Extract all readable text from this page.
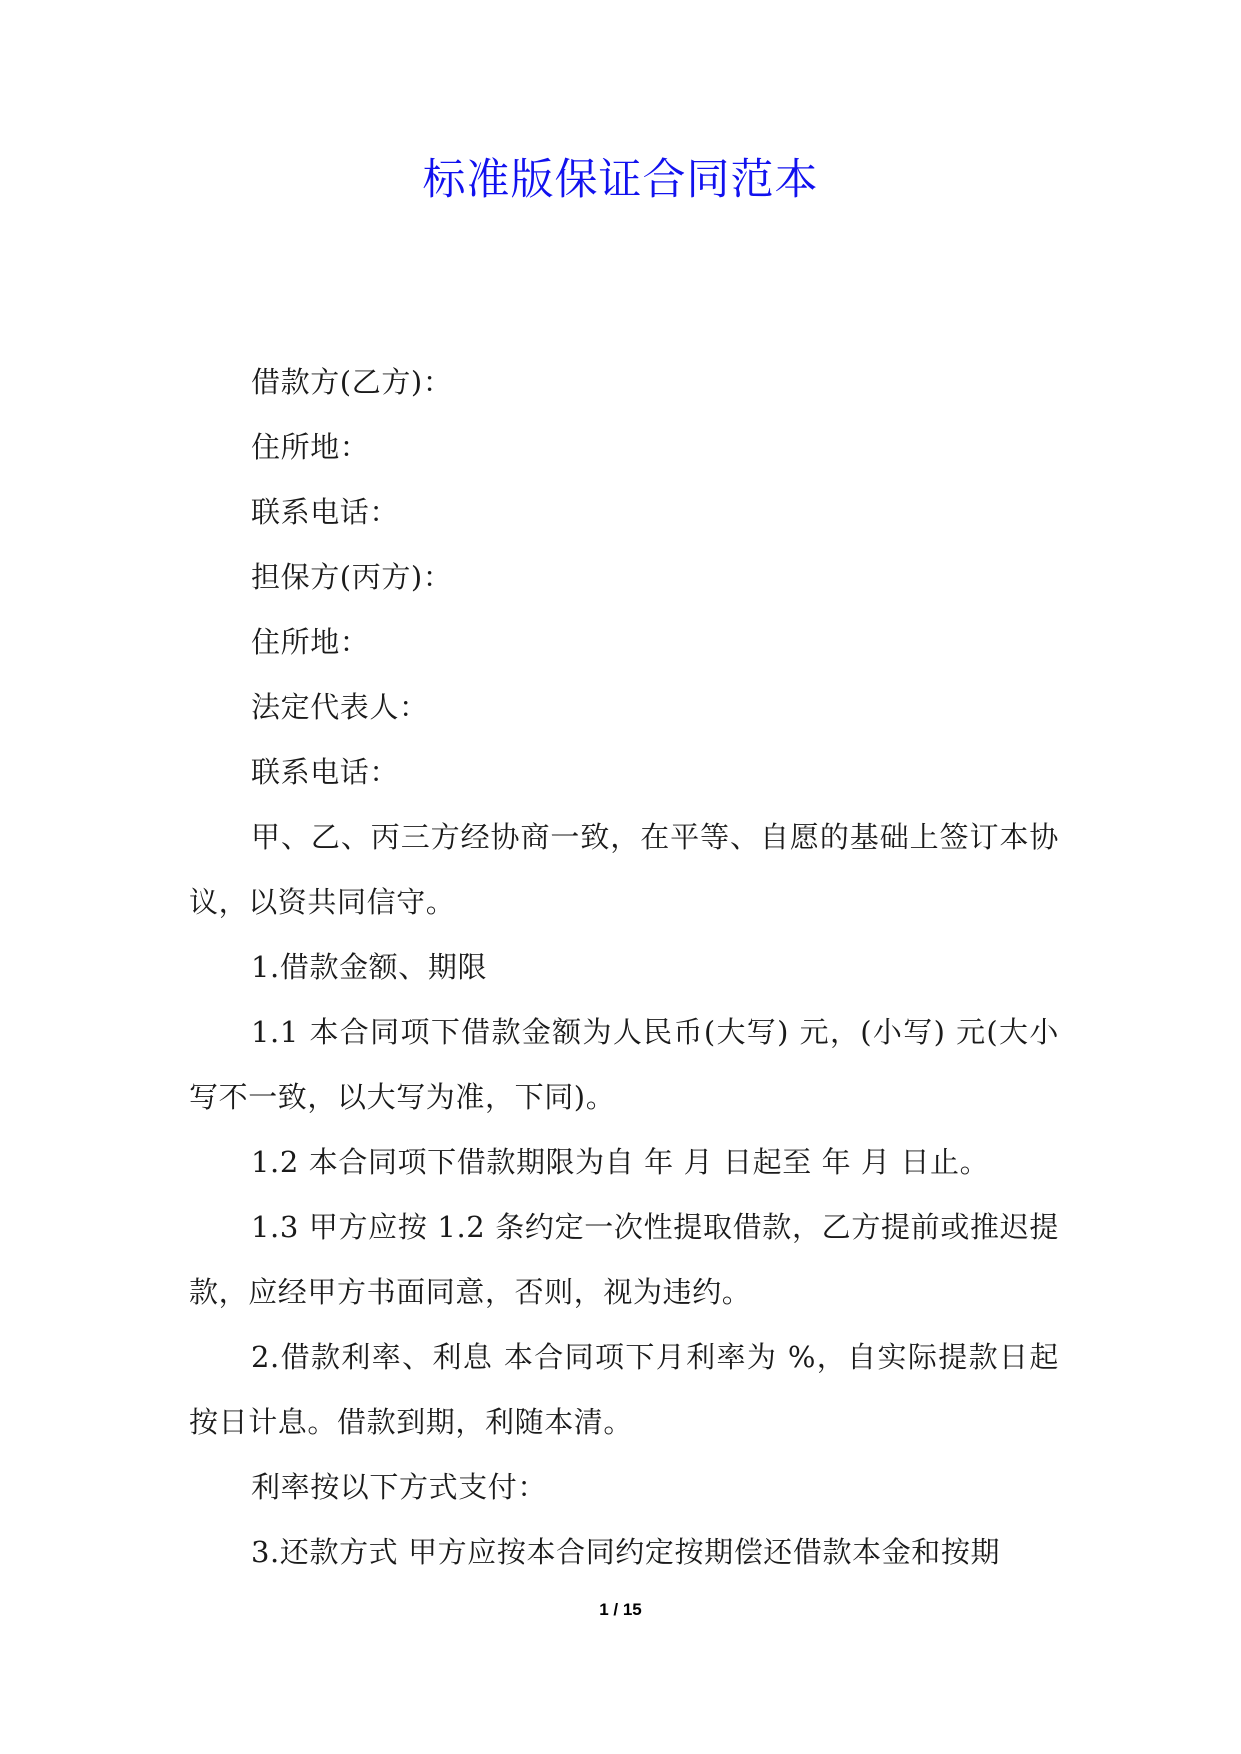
标准版保证合同范本

借款方(乙方)：

住所地：

联系电话：

担保方(丙方)：

住所地：

法定代表人：

联系电话：

甲、乙、丙三方经协商一致，在平等、自愿的基础上签订本协议，以资共同信守。

1.借款金额、期限

1.1 本合同项下借款金额为人民币(大写) 元，(小写) 元(大小写不一致，以大写为准，下同)。

1.2 本合同项下借款期限为自 年 月 日起至 年 月 日止。

1.3 甲方应按 1.2 条约定一次性提取借款，乙方提前或推迟提款，应经甲方书面同意，否则，视为违约。

2.借款利率、利息 本合同项下月利率为 %，自实际提款日起按日计息。借款到期，利随本清。

利率按以下方式支付：

3.还款方式 甲方应按本合同约定按期偿还借款本金和按期

1 / 15
